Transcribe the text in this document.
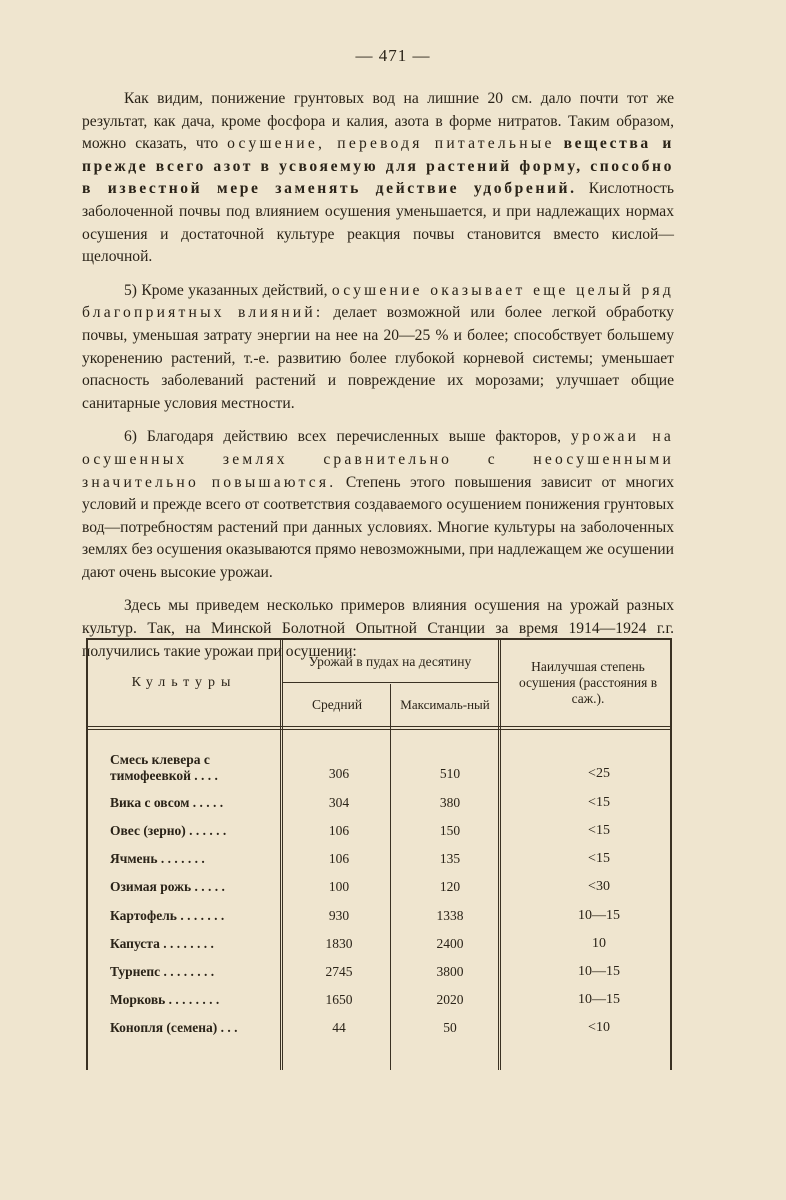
— 471 —

Как видим, понижение грунтовых вод на лишние 20 см. дало почти тот же результат, как дача, кроме фосфора и калия, азота в форме нитратов. Таким образом, можно сказать, что осушение, переводя питательные вещества и прежде всего азот в усвояемую для растений форму, способно в известной мере заменять действие удобрений. Кислотность заболоченной почвы под влиянием осушения уменьшается, и при надлежащих нормах осушения и достаточной культуре реакция почвы становится вместо кислой—щелочной.

5) Кроме указанных действий, осушение оказывает еще целый ряд благоприятных влияний: делает возможной или более легкой обработку почвы, уменьшая затрату энергии на нее на 20—25 % и более; способствует большему укоренению растений, т.-е. развитию более глубокой корневой системы; уменьшает опасность заболеваний растений и повреждение их морозами; улучшает общие санитарные условия местности.

6) Благодаря действию всех перечисленных выше факторов, урожаи на осушенных землях сравнительно с неосушенными значительно повышаются. Степень этого повышения зависит от многих условий и прежде всего от соответствия создаваемого осушением понижения грунтовых вод—потребностям растений при данных условиях. Многие культуры на заболоченных землях без осушения оказываются прямо невозможными, при надлежащем же осушении дают очень высокие урожаи.

Здесь мы приведем несколько примеров влияния осушения на урожай разных культур. Так, на Минской Болотной Опытной Станции за время 1914—1924 г.г. получились такие урожаи при осушении:

Культуры
Урожай в пудах на десятину
Средний	Максималь-ный
Наилучшая степень осушения (расстояния в саж.).
Смесь клевера с тимофеевкой . . . .	306	510	<25
Вика с овсом . . . . .	304	380	<15
Овес (зерно) . . . . . .	106	150	<15
Ячмень . . . . . . .	106	135	<15
Озимая рожь . . . . .	100	120	<30
Картофель . . . . . . .	930	1338	10—15
Капуста . . . . . . . .	1830	2400	10
Турнепс . . . . . . . .	2745	3800	10—15
Морковь . . . . . . . .	1650	2020	10—15
Конопля (семена) . . .	44	50	<10
